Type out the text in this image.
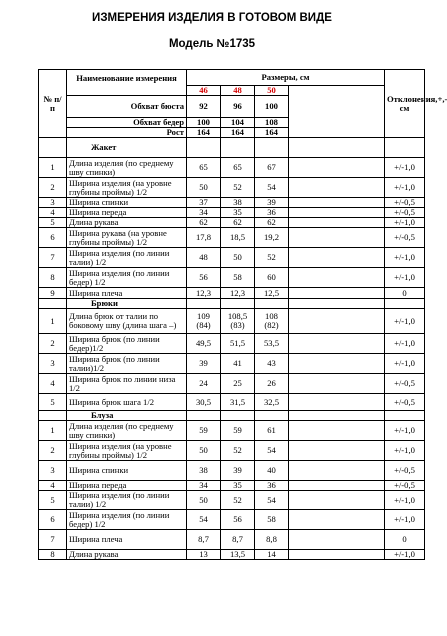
ИЗМЕРЕНИЯ ИЗДЕЛИЯ В ГОТОВОМ ВИДЕ
Модель №1735
№ п/п	Наименование измерения	Размеры, см				Отклонения,+,- см
		46	48	50		
	Обхват бюста	92	96	100		
	Обхват бедер	100	104	108		
	Рост	164	164	164		
	Жакет					
1	Длина изделия (по среднему шву спинки)	65	65	67		+/-1,0
2	Ширина изделия (на уровне глубины проймы) 1/2	50	52	54		+/-1,0
3	Ширина спинки	37	38	39		+/-0,5
4	Ширина переда	34	35	36		+/-0,5
5	Длина рукава	62	62	62		+/-1,0
6	Ширина рукава (на уровне глубины проймы) 1/2	17,8	18,5	19,2		+/-0,5
7	Ширина изделия (по линии талии) 1/2	48	50	52		+/-1,0
8	Ширина изделия (по линии бедер) 1/2	56	58	60		+/-1,0
9	Ширина плеча	12,3	12,3	12,5		0
	Брюки					
1	Длина брюк от талии по боковому шву (длина шага –)	109 (84)	108,5 (83)	108 (82)		+/-1,0
2	Ширина брюк (по линии бедер)1/2	49,5	51,5	53,5		+/-1,0
3	Ширина брюк (по линии талии)1/2	39	41	43		+/-1,0
4	Ширина брюк по линии низа 1/2	24	25	26		+/-0,5
5	Ширина брюк шага 1/2	30,5	31,5	32,5		+/-0,5
	Блуза					
1	Длина изделия (по среднему шву спинки)	59	59	61		+/-1,0
2	Ширина изделия (на уровне глубины проймы) 1/2	50	52	54		+/-1,0
3	Ширина спинки	38	39	40		+/-0,5
4	Ширина переда	34	35	36		+/-0,5
5	Ширина изделия (по линии талии) 1/2	50	52	54		+/-1,0
6	Ширина изделия (по линии бедер) 1/2	54	56	58		+/-1,0
7	Ширина плеча	8,7	8,7	8,8		0
8	Длина рукава	13	13,5	14		+/-1,0
